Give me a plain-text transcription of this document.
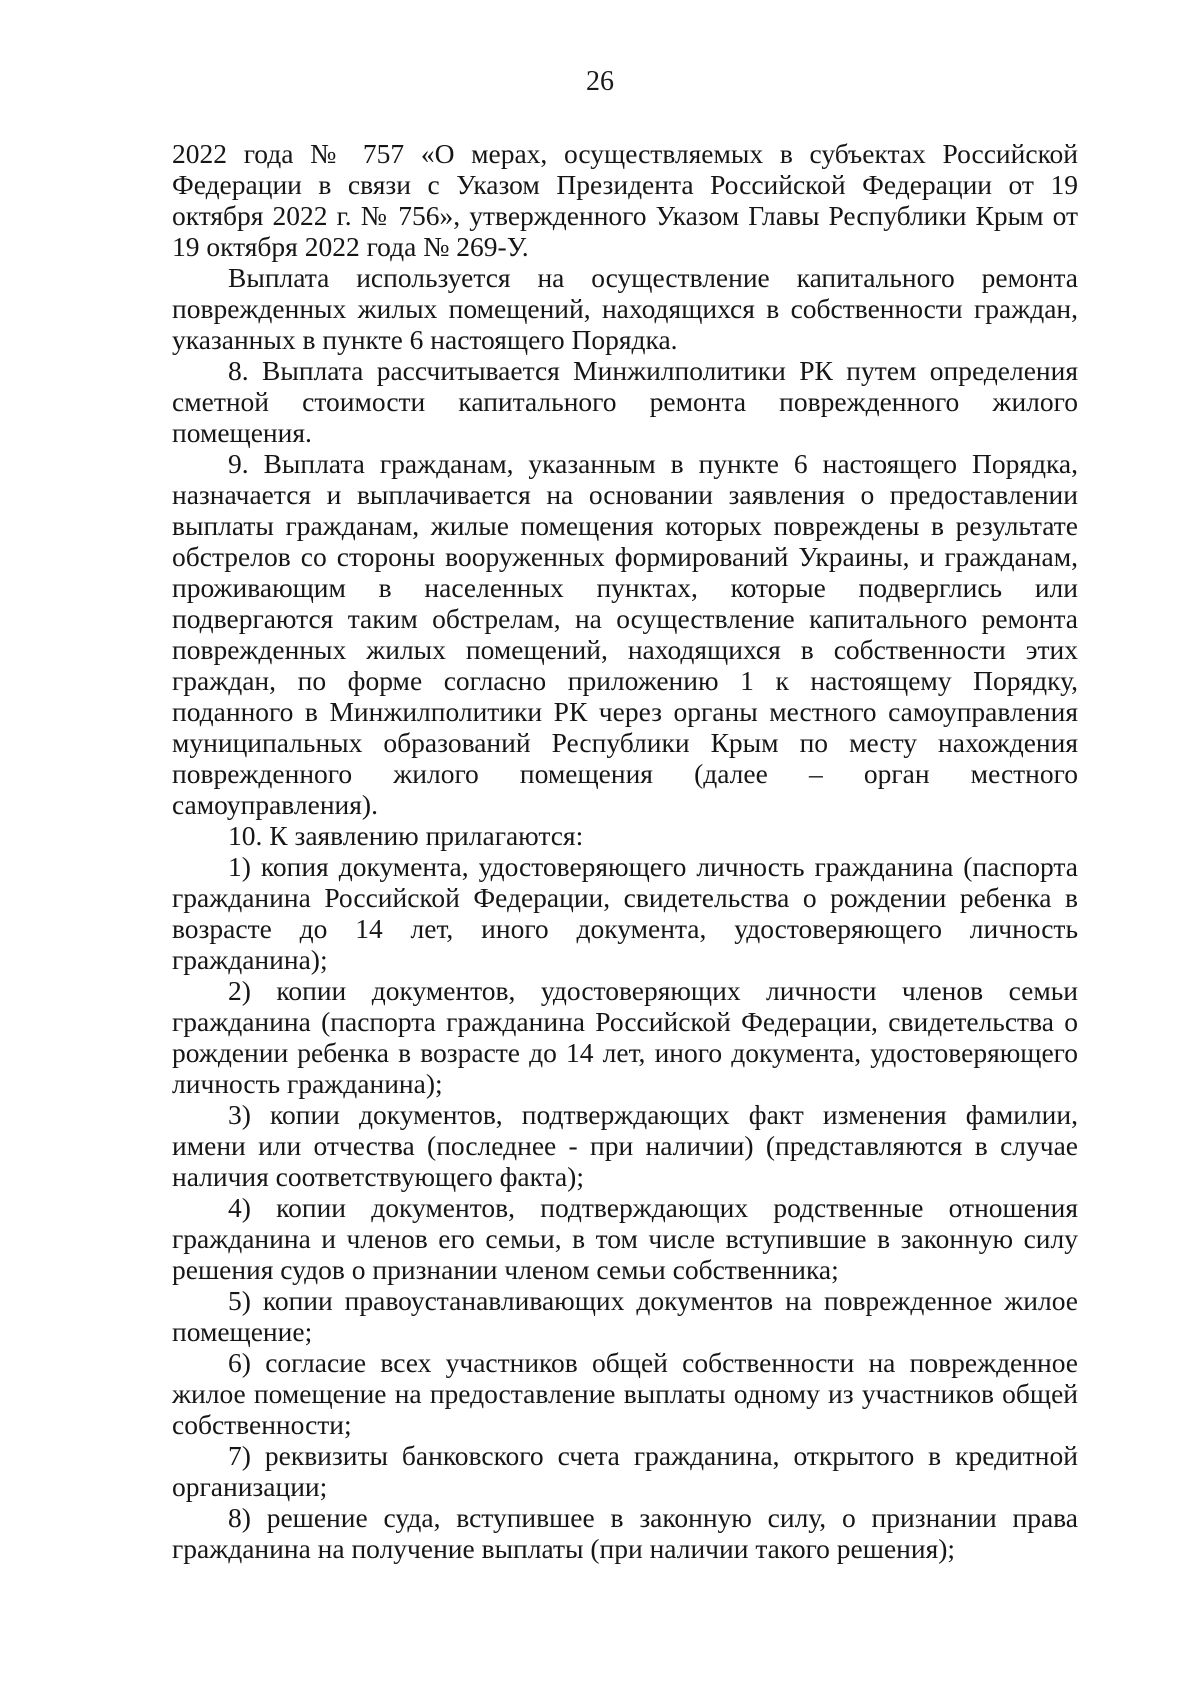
26

2022 года № 757 «О мерах, осуществляемых в субъектах Российской Федерации в связи с Указом Президента Российской Федерации от 19 октября 2022 г. № 756», утвержденного Указом Главы Республики Крым от 19 октября 2022 года № 269-У.

Выплата используется на осуществление капитального ремонта поврежденных жилых помещений, находящихся в собственности граждан, указанных в пункте 6 настоящего Порядка.

8. Выплата рассчитывается Минжилполитики РК путем определения сметной стоимости капитального ремонта поврежденного жилого помещения.

9. Выплата гражданам, указанным в пункте 6 настоящего Порядка, назначается и выплачивается на основании заявления о предоставлении выплаты гражданам, жилые помещения которых повреждены в результате обстрелов со стороны вооруженных формирований Украины, и гражданам, проживающим в населенных пунктах, которые подверглись или подвергаются таким обстрелам, на осуществление капитального ремонта поврежденных жилых помещений, находящихся в собственности этих граждан, по форме согласно приложению 1 к настоящему Порядку, поданного в Минжилполитики РК через органы местного самоуправления муниципальных образований Республики Крым по месту нахождения поврежденного жилого помещения (далее – орган местного самоуправления).

10. К заявлению прилагаются:

1) копия документа, удостоверяющего личность гражданина (паспорта гражданина Российской Федерации, свидетельства о рождении ребенка в возрасте до 14 лет, иного документа, удостоверяющего личность гражданина);

2) копии документов, удостоверяющих личности членов семьи гражданина (паспорта гражданина Российской Федерации, свидетельства о рождении ребенка в возрасте до 14 лет, иного документа, удостоверяющего личность гражданина);

3) копии документов, подтверждающих факт изменения фамилии, имени или отчества (последнее - при наличии) (представляются в случае наличия соответствующего факта);

4) копии документов, подтверждающих родственные отношения гражданина и членов его семьи, в том числе вступившие в законную силу решения судов о признании членом семьи собственника;

5) копии правоустанавливающих документов на поврежденное жилое помещение;

6) согласие всех участников общей собственности на поврежденное жилое помещение на предоставление выплаты одному из участников общей собственности;

7) реквизиты банковского счета гражданина, открытого в кредитной организации;

8) решение суда, вступившее в законную силу, о признании права гражданина на получение выплаты (при наличии такого решения);
